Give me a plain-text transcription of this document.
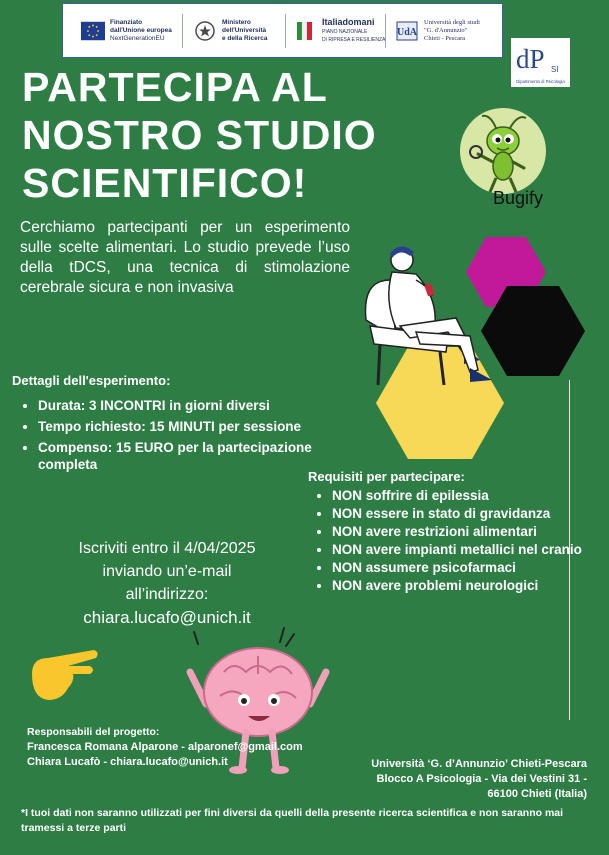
Finanziato
dall'Unione europea
NextGenerationEU
Ministero
dell'Università
e della Ricerca
Italiadomani
PIANO NAZIONALE
DI RIPRESA E RESILIENZA
UdA
Università degli studi
"G. d'Annunzio"
Chieti - Pescara
dP SI
Dipartimento di Psicologia
PARTECIPA AL
NOSTRO STUDIO
SCIENTIFICO!	Bugify

Cerchiamo partecipanti per un esperimento sulle scelte alimentari. Lo studio prevede l’uso della tDCS, una tecnica di stimolazione cerebrale sicura e non invasiva

Dettagli dell'esperimento:
• Durata: 3 INCONTRI in giorni diversi
• Tempo richiesto: 15 MINUTI per sessione
• Compenso: 15 EURO per la partecipazione completa
Requisiti per partecipare:
• NON soffrire di epilessia
• NON essere in stato di gravidanza
• NON avere restrizioni alimentari
• NON avere impianti metallici nel cranio
• NON assumere psicofarmaci
• NON avere problemi neurologici

Iscriviti entro il 4/04/2025
inviando un’e-mail
all’indirizzo:
chiara.lucafo@unich.it

Responsabili del progetto:

Francesca Romana Alparone - alparonef@gmail.com

Chiara Lucafò - chiara.lucafo@unich.it	Università ‘G. d’Annunzio’ Chieti-Pescara
Blocco A Psicologia - Via dei Vestini 31 -
66100 Chieti (Italia)

*I tuoi dati non saranno utilizzati per fini diversi da quelli della presente ricerca scientifica e non saranno mai tramessi a terze parti
